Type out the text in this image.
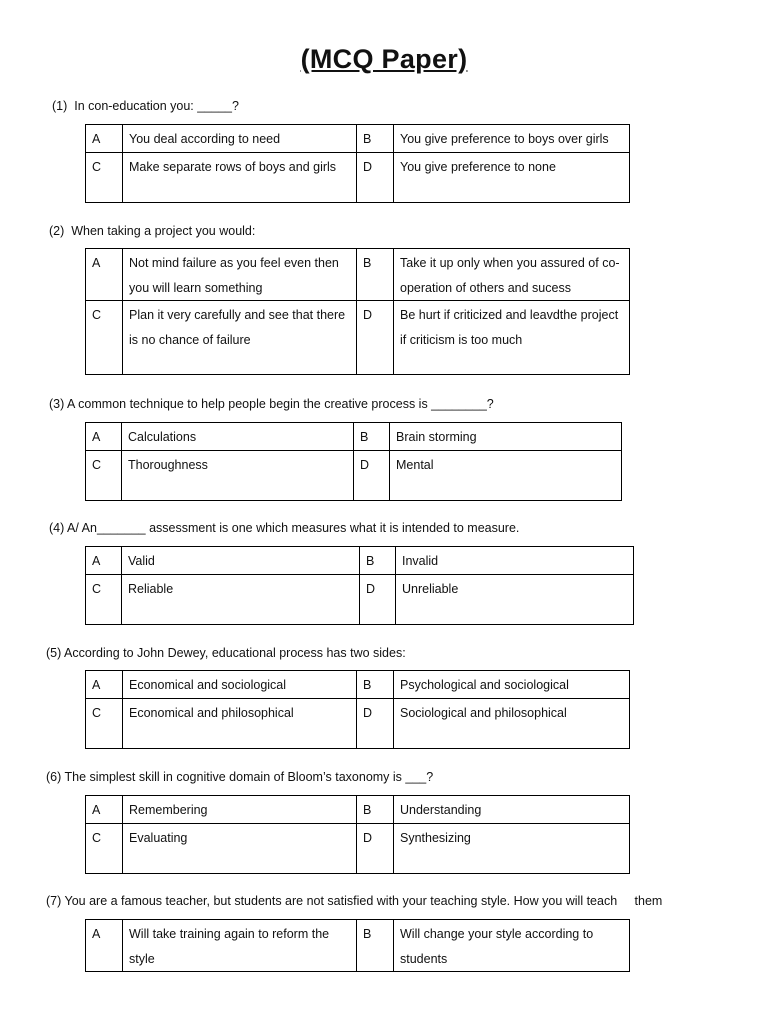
(MCQ Paper)
(1)  In con-education you: _____?
A	You deal according to need	B	You give preference to boys over girls
C	Make separate rows of boys and girls	D	You give preference to none
(2)  When taking a project you would:
A	Not mind failure as you feel even then you will learn something	B	Take it up only when you assured of co-operation of others and sucess
C	Plan it very carefully and see that there is no chance of failure	D	Be hurt if criticized and leavdthe project if criticism is too much
(3) A common technique to help people begin the creative process is ________?
A	Calculations	B	Brain storming
C	Thoroughness	D	Mental
(4) A/ An_______ assessment is one which measures what it is intended to measure.
A	Valid	B	Invalid
C	Reliable	D	Unreliable
(5) According to John Dewey, educational process has two sides:
A	Economical and sociological	B	Psychological and sociological
C	Economical and philosophical	D	Sociological and philosophical
(6) The simplest skill in cognitive domain of Bloom’s taxonomy is ___?
A	Remembering	B	Understanding
C	Evaluating	D	Synthesizing
(7) You are a famous teacher, but students are not satisfied with your teaching style. How you will teach     them
A	Will take training again to reform the style	B	Will change your style according to students
